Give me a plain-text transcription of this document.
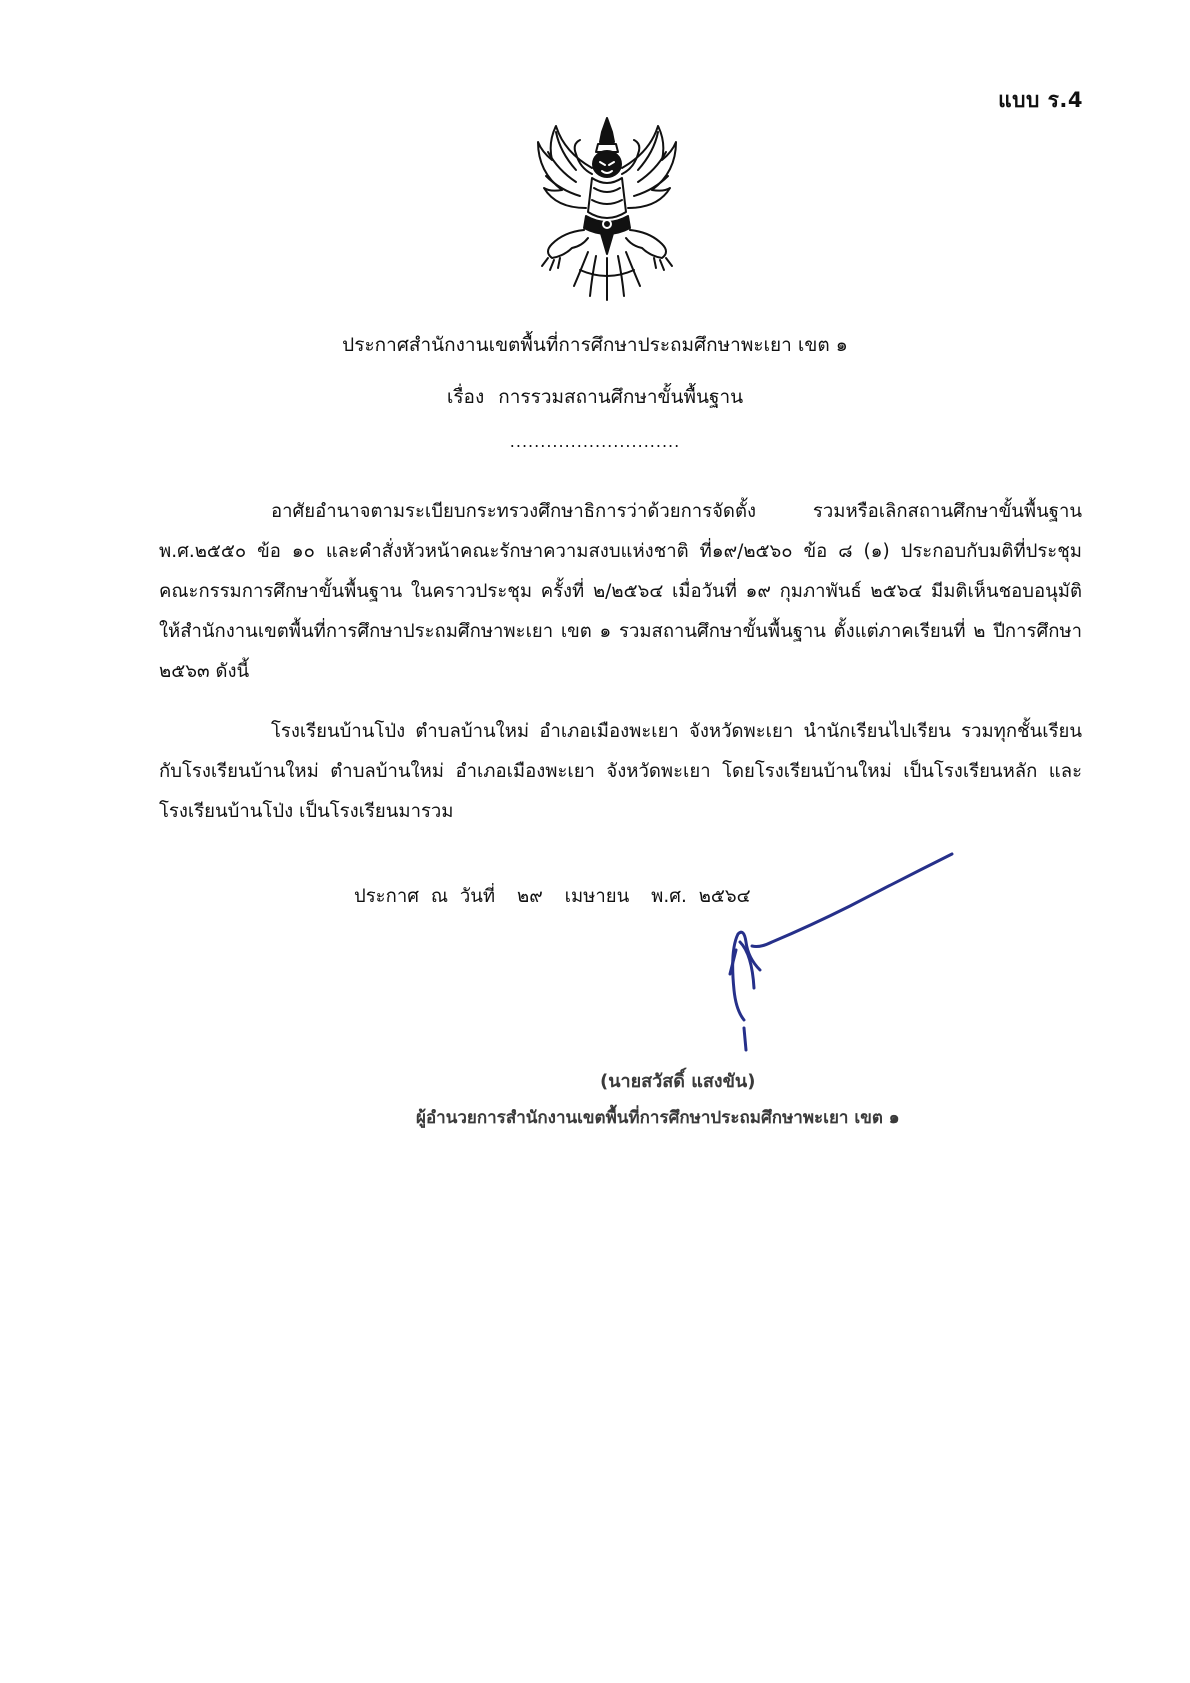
แบบ ร.4
ประกาศสำนักงานเขตพื้นที่การศึกษาประถมศึกษาพะเยา เขต ๑
เรื่อง การรวมสถานศึกษาขั้นพื้นฐาน
............................
อาศัยอำนาจตามระเบียบกระทรวงศึกษาธิการว่าด้วยการจัดตั้ง รวมหรือเลิกสถานศึกษาขั้นพื้นฐาน พ.ศ.๒๕๕๐ ข้อ ๑๐ และคำสั่งหัวหน้าคณะรักษาความสงบแห่งชาติ ที่๑๙/๒๕๖๐ ข้อ ๘ (๑) ประกอบกับมติที่ประชุม คณะกรรมการศึกษาขั้นพื้นฐาน ในคราวประชุม ครั้งที่ ๒/๒๕๖๔ เมื่อวันที่ ๑๙ กุมภาพันธ์ ๒๕๖๔ มีมติเห็นชอบอนุมัติ ให้สำนักงานเขตพื้นที่การศึกษาประถมศึกษาพะเยา เขต ๑ รวมสถานศึกษาขั้นพื้นฐาน ตั้งแต่ภาคเรียนที่ ๒ ปีการศึกษา ๒๕๖๓ ดังนี้
โรงเรียนบ้านโป่ง ตำบลบ้านใหม่ อำเภอเมืองพะเยา จังหวัดพะเยา นำนักเรียนไปเรียน รวมทุกชั้นเรียนกับโรงเรียนบ้านใหม่ ตำบลบ้านใหม่ อำเภอเมืองพะเยา จังหวัดพะเยา โดยโรงเรียนบ้านใหม่ เป็นโรงเรียนหลัก และโรงเรียนบ้านโป่ง เป็นโรงเรียนมารวม
ประกาศ ณ วันที่ ๒๙ เมษายน พ.ศ. ๒๕๖๔
(นายสวัสดิ์ แสงขัน)
ผู้อำนวยการสำนักงานเขตพื้นที่การศึกษาประถมศึกษาพะเยา เขต ๑
